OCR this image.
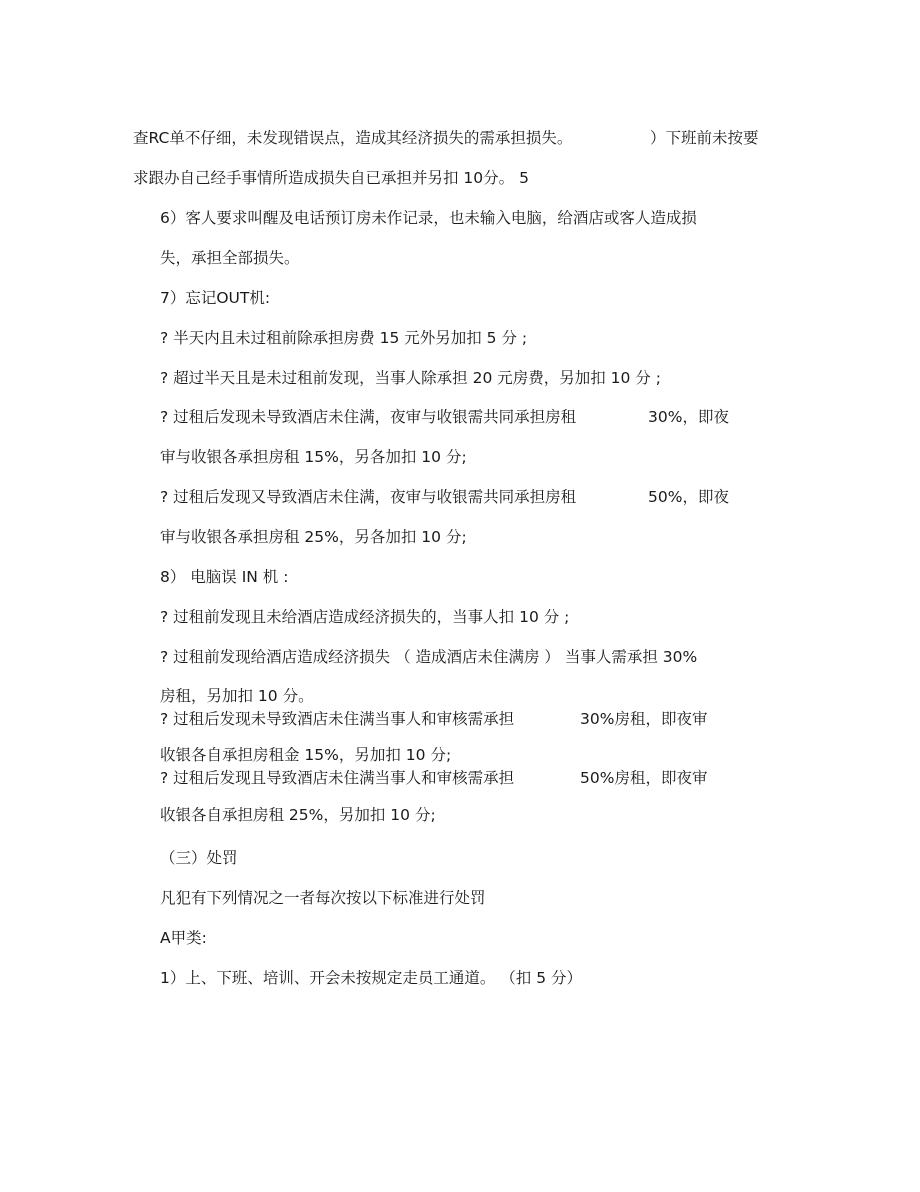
查RC单不仔细，未发现错误点，造成其经济损失的需承担损失。	）下班前未按要
求跟办自己经手事情所造成损失自已承担并另扣 10分。 5
6）客人要求叫醒及电话预订房未作记录，也未输入电脑，给酒店或客人造成损
失，承担全部损失。
7）忘记OUT机:
? 半天内且未过租前除承担房费 15 元外另加扣 5 分 ;
? 超过半天且是未过租前发现，当事人除承担 20 元房费，另加扣 10 分 ;
? 过租后发现未导致酒店未住满，夜审与收银需共同承担房租	30%，即夜
审与收银各承担房租 15%，另各加扣 10 分;
? 过租后发现又导致酒店未住满，夜审与收银需共同承担房租	50%，即夜
审与收银各承担房租 25%，另各加扣 10 分;
8） 电脑误 IN 机 :
? 过租前发现且未给酒店造成经济损失的，当事人扣 10 分 ;
? 过租前发现给酒店造成经济损失 （ 造成酒店未住满房 ） 当事人需承担 30%
房租，另加扣 10 分。
? 过租后发现未导致酒店未住满当事人和审核需承担	30%房租，即夜审
收银各自承担房租金 15%，另加扣 10 分;
? 过租后发现且导致酒店未住满当事人和审核需承担	50%房租，即夜审
收银各自承担房租 25%，另加扣 10 分;
（三）处罚
凡犯有下列情况之一者每次按以下标准进行处罚
A甲类:
1）上、下班、培训、开会未按规定走员工通道。 （扣 5 分）
